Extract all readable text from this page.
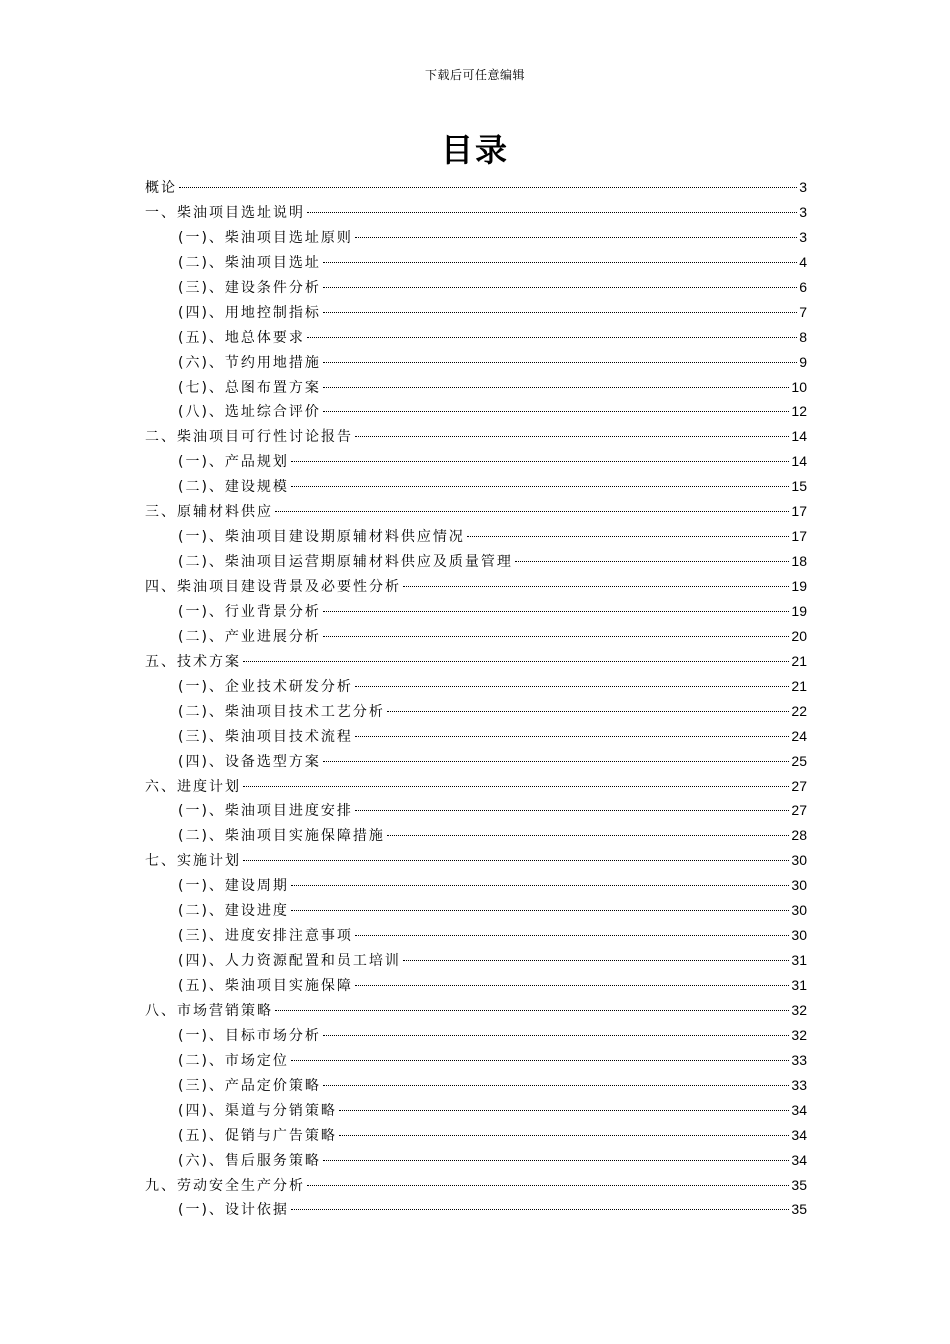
下载后可任意编辑
目录
概论	3
一、柴油项目选址说明	3
(一)、柴油项目选址原则	3
(二)、柴油项目选址	4
(三)、建设条件分析	6
(四)、用地控制指标	7
(五)、地总体要求	8
(六)、节约用地措施	9
(七)、总图布置方案	10
(八)、选址综合评价	12
二、柴油项目可行性讨论报告	14
(一)、产品规划	14
(二)、建设规模	15
三、原辅材料供应	17
(一)、柴油项目建设期原辅材料供应情况	17
(二)、柴油项目运营期原辅材料供应及质量管理	18
四、柴油项目建设背景及必要性分析	19
(一)、行业背景分析	19
(二)、产业进展分析	20
五、技术方案	21
(一)、企业技术研发分析	21
(二)、柴油项目技术工艺分析	22
(三)、柴油项目技术流程	24
(四)、设备选型方案	25
六、进度计划	27
(一)、柴油项目进度安排	27
(二)、柴油项目实施保障措施	28
七、实施计划	30
(一)、建设周期	30
(二)、建设进度	30
(三)、进度安排注意事项	30
(四)、人力资源配置和员工培训	31
(五)、柴油项目实施保障	31
八、市场营销策略	32
(一)、目标市场分析	32
(二)、市场定位	33
(三)、产品定价策略	33
(四)、渠道与分销策略	34
(五)、促销与广告策略	34
(六)、售后服务策略	34
九、劳动安全生产分析	35
(一)、设计依据	35
